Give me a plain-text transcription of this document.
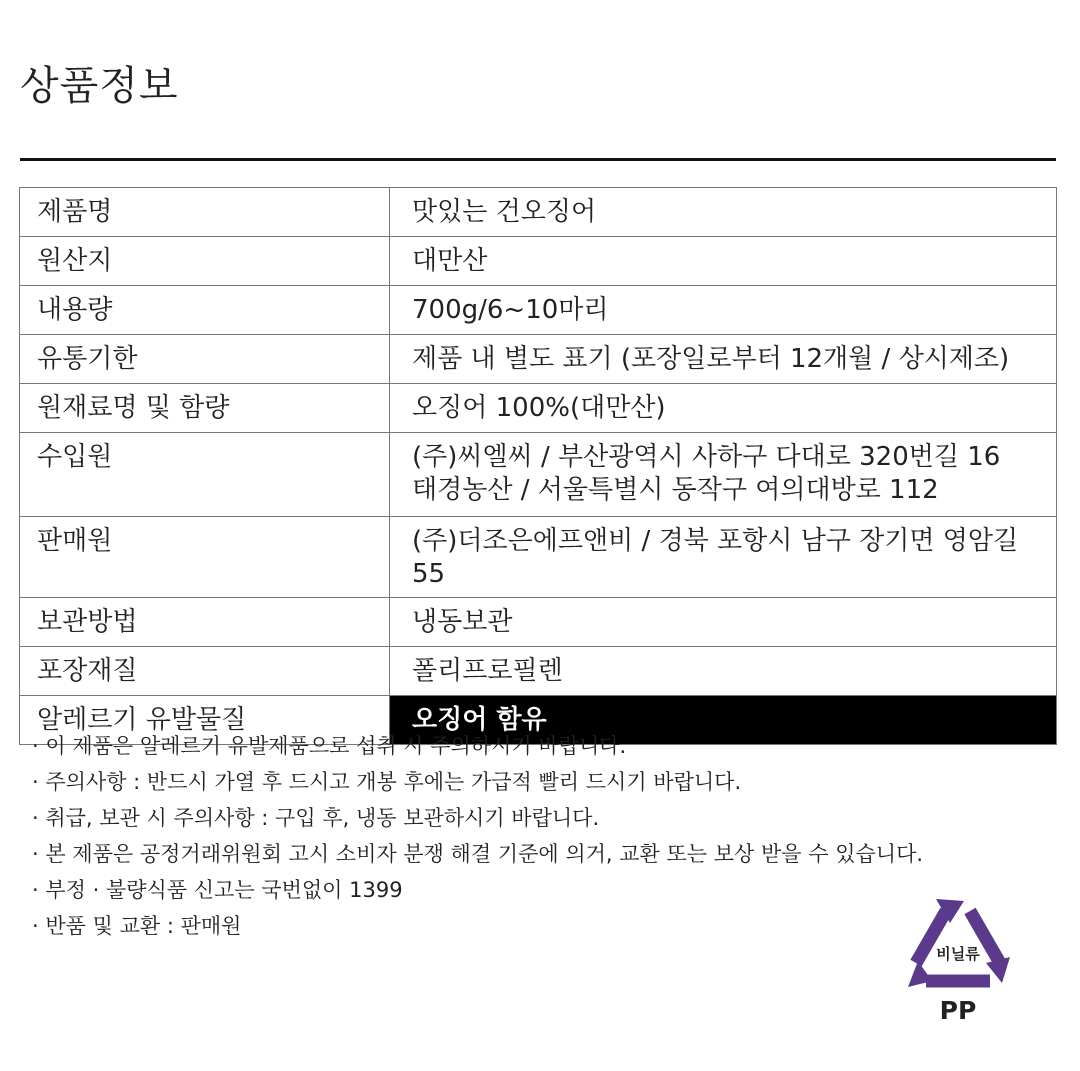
상품정보
제품명	맛있는 건오징어
원산지	대만산
내용량	700g/6~10마리
유통기한	제품 내 별도 표기 (포장일로부터 12개월 / 상시제조)
원재료명 및 함량	오징어 100%(대만산)
수입원	(주)씨엘씨 / 부산광역시 사하구 다대로 320번길 16
태경농산 / 서울특별시 동작구 여의대방로 112

판매원	(주)더조은에프앤비 / 경북 포항시 남구 장기면 영암길 55
보관방법	냉동보관
포장재질	폴리프로필렌
알레르기 유발물질	오징어 함유
· 이 제품은 알레르기 유발제품으로 섭취 시 주의하시기 바랍니다.
· 주의사항 : 반드시 가열 후 드시고 개봉 후에는 가급적 빨리 드시기 바랍니다.
· 취급, 보관 시 주의사항 : 구입 후, 냉동 보관하시기 바랍니다.
· 본 제품은 공정거래위원회 고시 소비자 분쟁 해결 기준에 의거, 교환 또는 보상 받을 수 있습니다.
· 부정 · 불량식품 신고는 국번없이 1399
· 반품 및 교환 : 판매원
비닐류
PP
